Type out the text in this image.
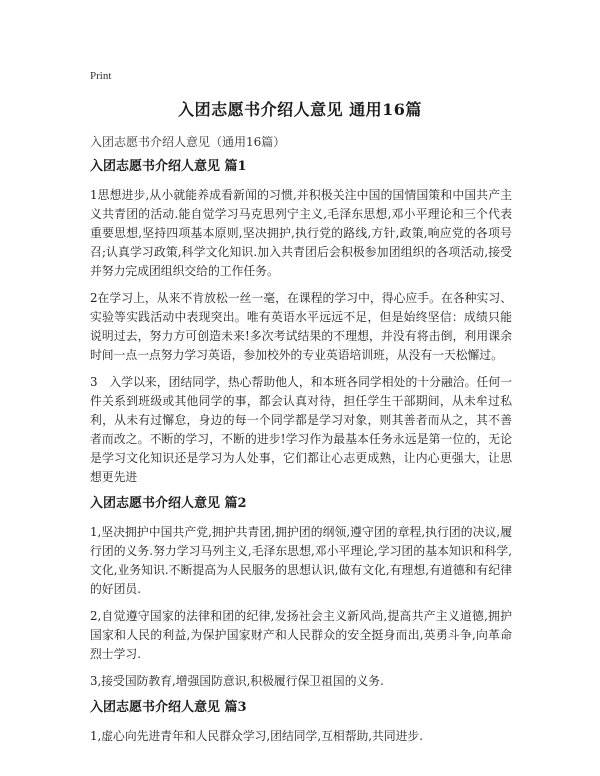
Print
入团志愿书介绍人意见 通用16篇
入团志愿书介绍人意见（通用16篇）
入团志愿书介绍人意见 篇1

1思想进步,从小就能养成看新闻的习惯,并积极关注中国的国情国策和中国共产主义共青团的活动.能自觉学习马克思列宁主义,毛泽东思想,邓小平理论和三个代表重要思想,坚持四项基本原则,坚决拥护,执行党的路线,方针,政策,响应党的各项号召;认真学习政策,科学文化知识.加入共青团后会积极参加团组织的各项活动,接受并努力完成团组织交给的工作任务。

2在学习上，从来不肯放松一丝一毫，在课程的学习中，得心应手。在各种实习、实验等实践活动中表现突出。唯有英语水平远远不足，但是始终坚信：成绩只能说明过去，努力方可创造未来!多次考试结果的不理想，并没有将击倒，利用课余时间一点一点努力学习英语，参加校外的专业英语培训班，从没有一天松懈过。

3　入学以来，团结同学，热心帮助他人，和本班各同学相处的十分融洽。任何一件关系到班级或其他同学的事，都会认真对待，担任学生干部期间，从未牟过私利，从未有过懈怠，身边的每一个同学都是学习对象，则其善者而从之，其不善者而改之。不断的学习，不断的进步!学习作为最基本任务永远是第一位的，无论是学习文化知识还是学习为人处事，它们都让心志更成熟，让内心更强大，让思想更先进

入团志愿书介绍人意见 篇2

1,坚决拥护中国共产党,拥护共青团,拥护团的纲领,遵守团的章程,执行团的决议,履行团的义务.努力学习马列主义,毛泽东思想,邓小平理论,学习团的基本知识和科学,文化,业务知识.不断提高为人民服务的思想认识,做有文化,有理想,有道德和有纪律的好团员.

2,自觉遵守国家的法律和团的纪律,发扬社会主义新风尚,提高共产主义道德,拥护国家和人民的利益,为保护国家财产和人民群众的安全挺身而出,英勇斗争,向革命烈士学习.

3,接受国防教育,增强国防意识,积极履行保卫祖国的义务.

入团志愿书介绍人意见 篇3

1,虚心向先进青年和人民群众学习,团结同学,互相帮助,共同进步.
